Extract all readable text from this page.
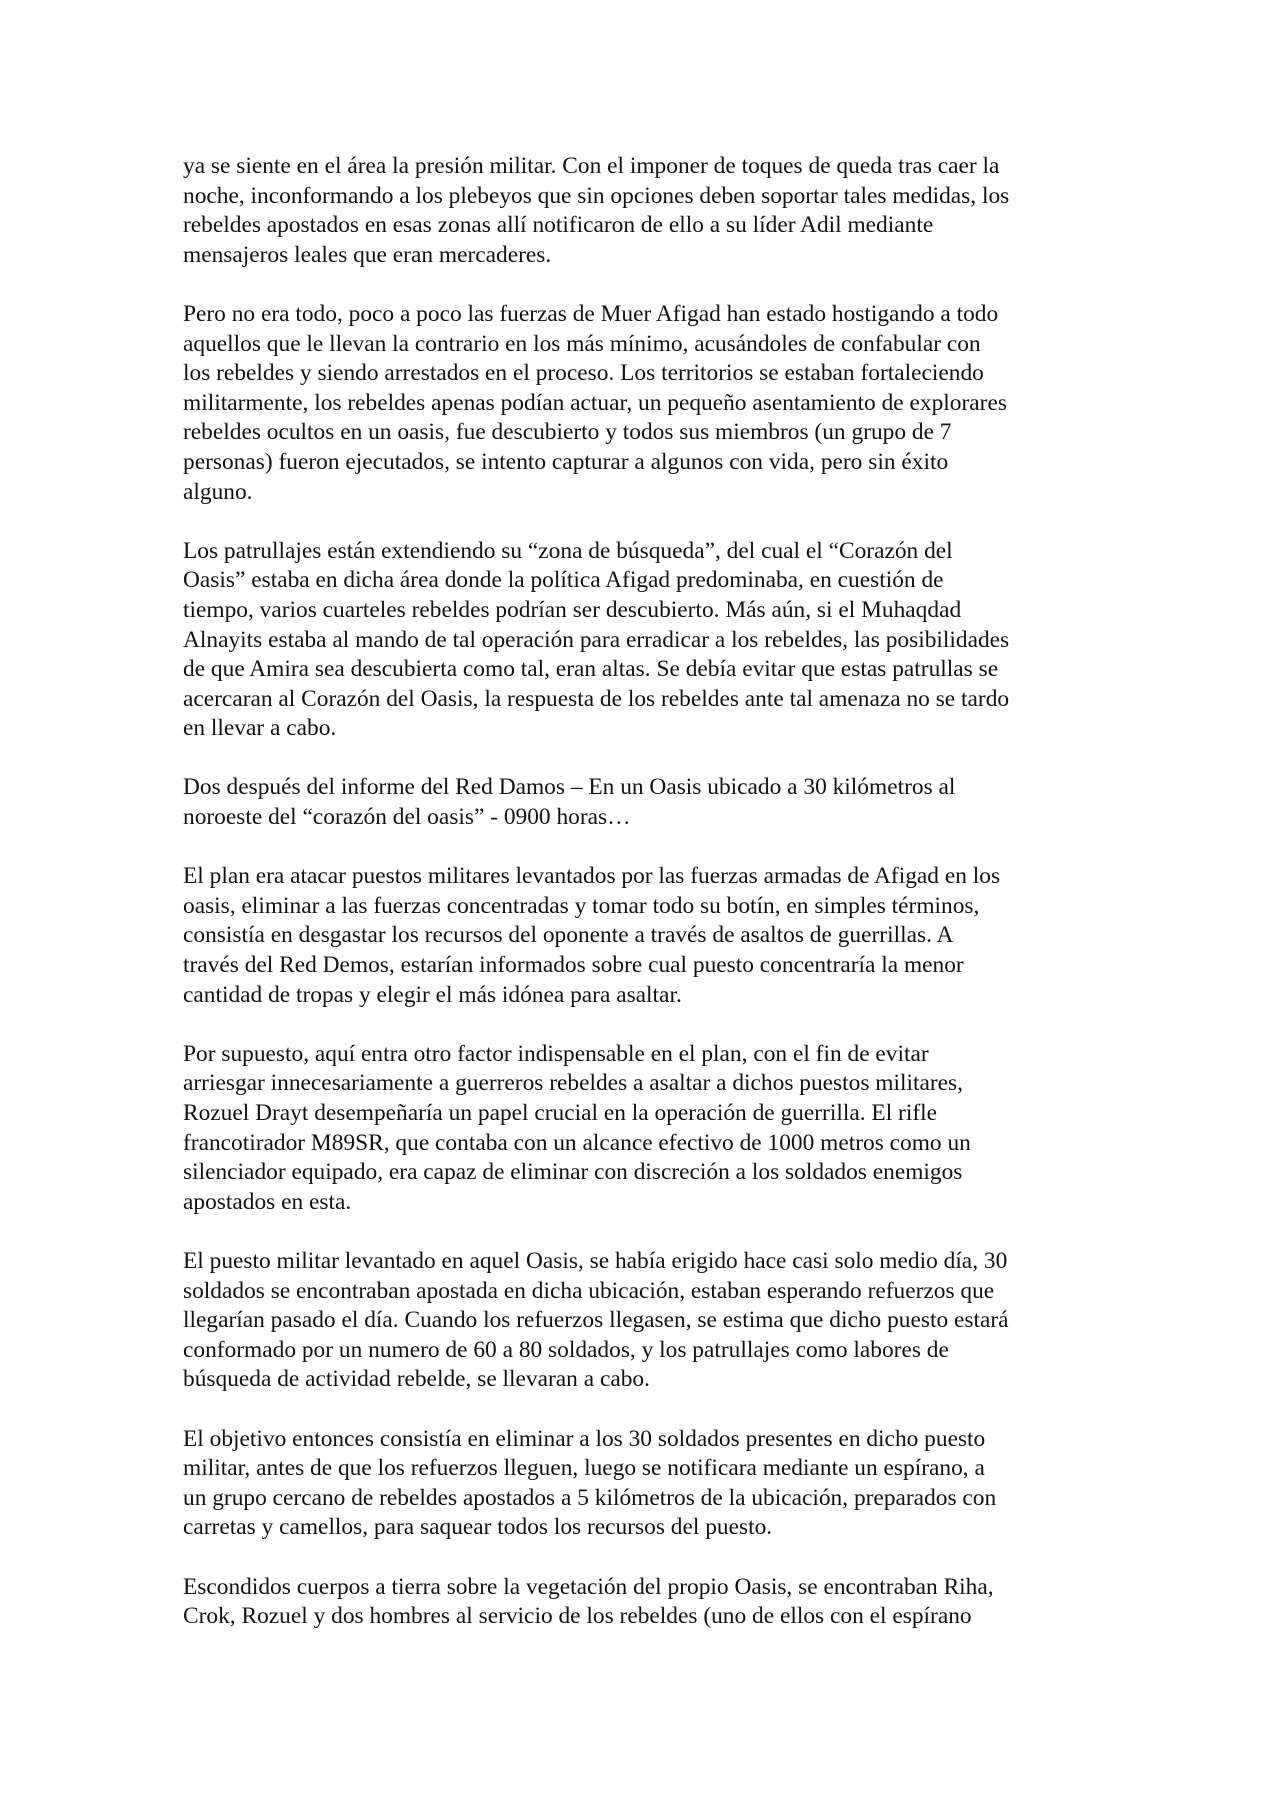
ya se siente en el área la presión militar. Con el imponer de toques de queda tras caer la
noche, inconformando a los plebeyos que sin opciones deben soportar tales medidas, los
rebeldes apostados en esas zonas allí notificaron de ello a su líder Adil mediante
mensajeros leales que eran mercaderes.

Pero no era todo, poco a poco las fuerzas de Muer Afigad han estado hostigando a todo
aquellos que le llevan la contrario en los más mínimo, acusándoles de confabular con
los rebeldes y siendo arrestados en el proceso. Los territorios se estaban fortaleciendo
militarmente, los rebeldes apenas podían actuar, un pequeño asentamiento de explorares
rebeldes ocultos en un oasis, fue descubierto y todos sus miembros (un grupo de 7
personas) fueron ejecutados, se intento capturar a algunos con vida, pero sin éxito
alguno.

Los patrullajes están extendiendo su “zona de búsqueda”, del cual el “Corazón del
Oasis” estaba en dicha área donde la política Afigad predominaba, en cuestión de
tiempo, varios cuarteles rebeldes podrían ser descubierto. Más aún, si el Muhaqdad
Alnayits estaba al mando de tal operación para erradicar a los rebeldes, las posibilidades
de que Amira sea descubierta como tal, eran altas. Se debía evitar que estas patrullas se
acercaran al Corazón del Oasis, la respuesta de los rebeldes ante tal amenaza no se tardo
en llevar a cabo.

Dos después del informe del Red Damos – En un Oasis ubicado a 30 kilómetros al
noroeste del “corazón del oasis” - 0900 horas…

El plan era atacar puestos militares levantados por las fuerzas armadas de Afigad en los
oasis, eliminar a las fuerzas concentradas y tomar todo su botín, en simples términos,
consistía en desgastar los recursos del oponente a través de asaltos de guerrillas. A
través del Red Demos, estarían informados sobre cual puesto concentraría la menor
cantidad de tropas y elegir el más idónea para asaltar.

Por supuesto, aquí entra otro factor indispensable en el plan, con el fin de evitar
arriesgar innecesariamente a guerreros rebeldes a asaltar a dichos puestos militares,
Rozuel Drayt desempeñaría un papel crucial en la operación de guerrilla. El rifle
francotirador M89SR, que contaba con un alcance efectivo de 1000 metros como un
silenciador equipado, era capaz de eliminar con discreción a los soldados enemigos
apostados en esta.

El puesto militar levantado en aquel Oasis, se había erigido hace casi solo medio día, 30
soldados se encontraban apostada en dicha ubicación, estaban esperando refuerzos que
llegarían pasado el día. Cuando los refuerzos llegasen, se estima que dicho puesto estará
conformado por un numero de 60 a 80 soldados, y los patrullajes como labores de
búsqueda de actividad rebelde, se llevaran a cabo.

El objetivo entonces consistía en eliminar a los 30 soldados presentes en dicho puesto
militar, antes de que los refuerzos lleguen, luego se notificara mediante un espírano, a
un grupo cercano de rebeldes apostados a 5 kilómetros de la ubicación, preparados con
carretas y camellos, para saquear todos los recursos del puesto.

Escondidos cuerpos a tierra sobre la vegetación del propio Oasis, se encontraban Riha,
Crok, Rozuel y dos hombres al servicio de los rebeldes (uno de ellos con el espírano
